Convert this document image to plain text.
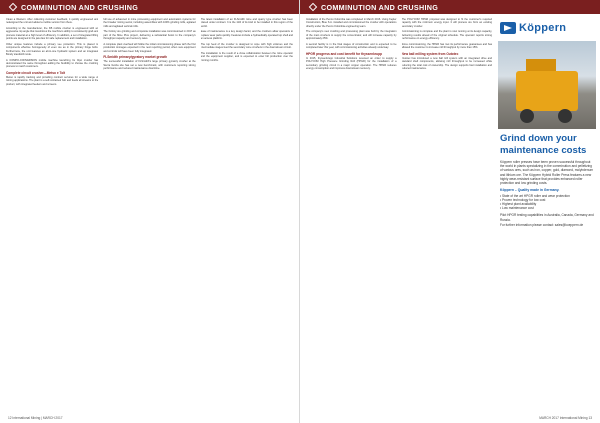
COMMINUTION AND CRUSHING

Clean a Western. After collecting customer feedback, it quickly engineered and redesigned the unit and added a mobile version from there.

According to the manufacturer, the KB mobile crusher is engineered with an aggressive nip angle that maximizes the machine's ability to consistently grab and process material at a high level of efficiency. In addition, a set of integrated lifting points are designed in the jaw dies for safe replacement and installation.

Other unique features include a primary vee protection. This is placed to components effective homogeneity of even ore as in the primary hinge bolts. Furthermore, the unit features an all-in-one hydraulic system and an integrated Bondy standstill mode.

A COMPO-CONVERSION mobile machine launching Its Cipo crusher has demonstrated the same throughout adding the flexibility to choose the crushing process to match customers.

Complete circuit crusher—Metso e Tolt

Metso is rapidly tracking and providing contract services for a wide range of mining applications. The plant is a self-contained hub and feeds all streams to the product, with integrated feeders and screens.

full use of advanced in mine processing equipment and automation systems for the broader mining sector, including assemblies with 100% grinding mills, agitated mills and agitated vertical mills.

The Colony ore grinding and composite installation was commissioned in 2017 as part of the Mine Plus project, delivering a substantial boost to the company's throughput capacity and recovery rates.

A complete plant overhaul will follow the initial commissioning phase with the first production tonnages expected in the next reporting period, when new equipment and controls will have been fully integrated.

FLSmidth primary/gyratory market growth

The successful installation of FLSmidth's large primary gyratory crusher at the Sierra Gorda site has set a new benchmark, with customers reporting strong performance and reduced maintenance downtime.

The latest installation of an FLSmidth mine and quarry type crusher has been placed under contract. It is the 11th of its kind to be installed in this region of the world.

Ease of maintenance is a key design factor, and the crushers allow operators to replace wear parts quickly. Features include a hydraulically operated top shell and an access platform.

The top feed of the crusher is designed to cope with high volumes and the intermediate stages feed the secondary cone crushers in the downstream circuit.

The installation is the result of a close collaboration between the mine operator and the equipment supplier, and is expected to enter full production over the coming months.

12 International Mining | MARCH 2017
COMMINUTION AND CRUSHING

Installation of the Penco Colombia was completed in March 2016. Using Kepler Construction, Blue S.A. installed and commissioned the crusher with operations directly under the Penco Colombia engineering team.

The company's new crushing and processing plant was built by the integration of the main crushers to supply the concentrator, and will increase capacity by approximately 25%.

A second facility is in the final stages of construction and is expected to be completed later this year, with commissioning activities already underway.

HPGR progress and cost benefit for thyssenkrupp

In 2015, thyssenkrupp Industrial Solutions received an order to supply a POLYCOM High Pressure Grinding Roll (HPGR) for the installation of a secondary grinding circuit in a major copper operation. The HPGR reduces energy consumption and improves downstream recovery.

The POLYCOM HPGR proposal was designed to fit the customer's required capacity with the minimum energy input. It will process ore from an existing secondary crusher.

Commissioning is complete and the plant is now running at its design capacity, delivering results ahead of the original schedule. The operator reports strong performance on energy efficiency.

Since commissioning, the HPGR has met its performance guarantees and has allowed the customer to increase mill throughput by more than 15%.

New ball milling system from Outotec

Outotec has introduced a new ball mill system with an integrated drive and standard shell components, allowing mill throughput to be increased while reducing the total cost of ownership. The design supports fast installation and reduced maintenance.

Köppern
Grind down your maintenance costs

Köppern roller presses have been proven successful throughout the world in plants specializing in the comminution and pelletizing of various ores, such as iron, copper, gold, diamond, molybdenum and lithium ore. The Köppern Hybrid Roller Press features a new highly wear-resistant surface that provides enhanced roller protection and low grinding costs.

Köppern – Quality made in Germany.
• State of the art HPGR roller and wear protection
• Proven technology for low cost
• Highest plant availability
• Low maintenance cost

Pilot HPGR testing capabilities in Australia, Canada, Germany and Russia.

For further information please contact: sales@koeppern.de

MARCH 2017 International Mining 13
